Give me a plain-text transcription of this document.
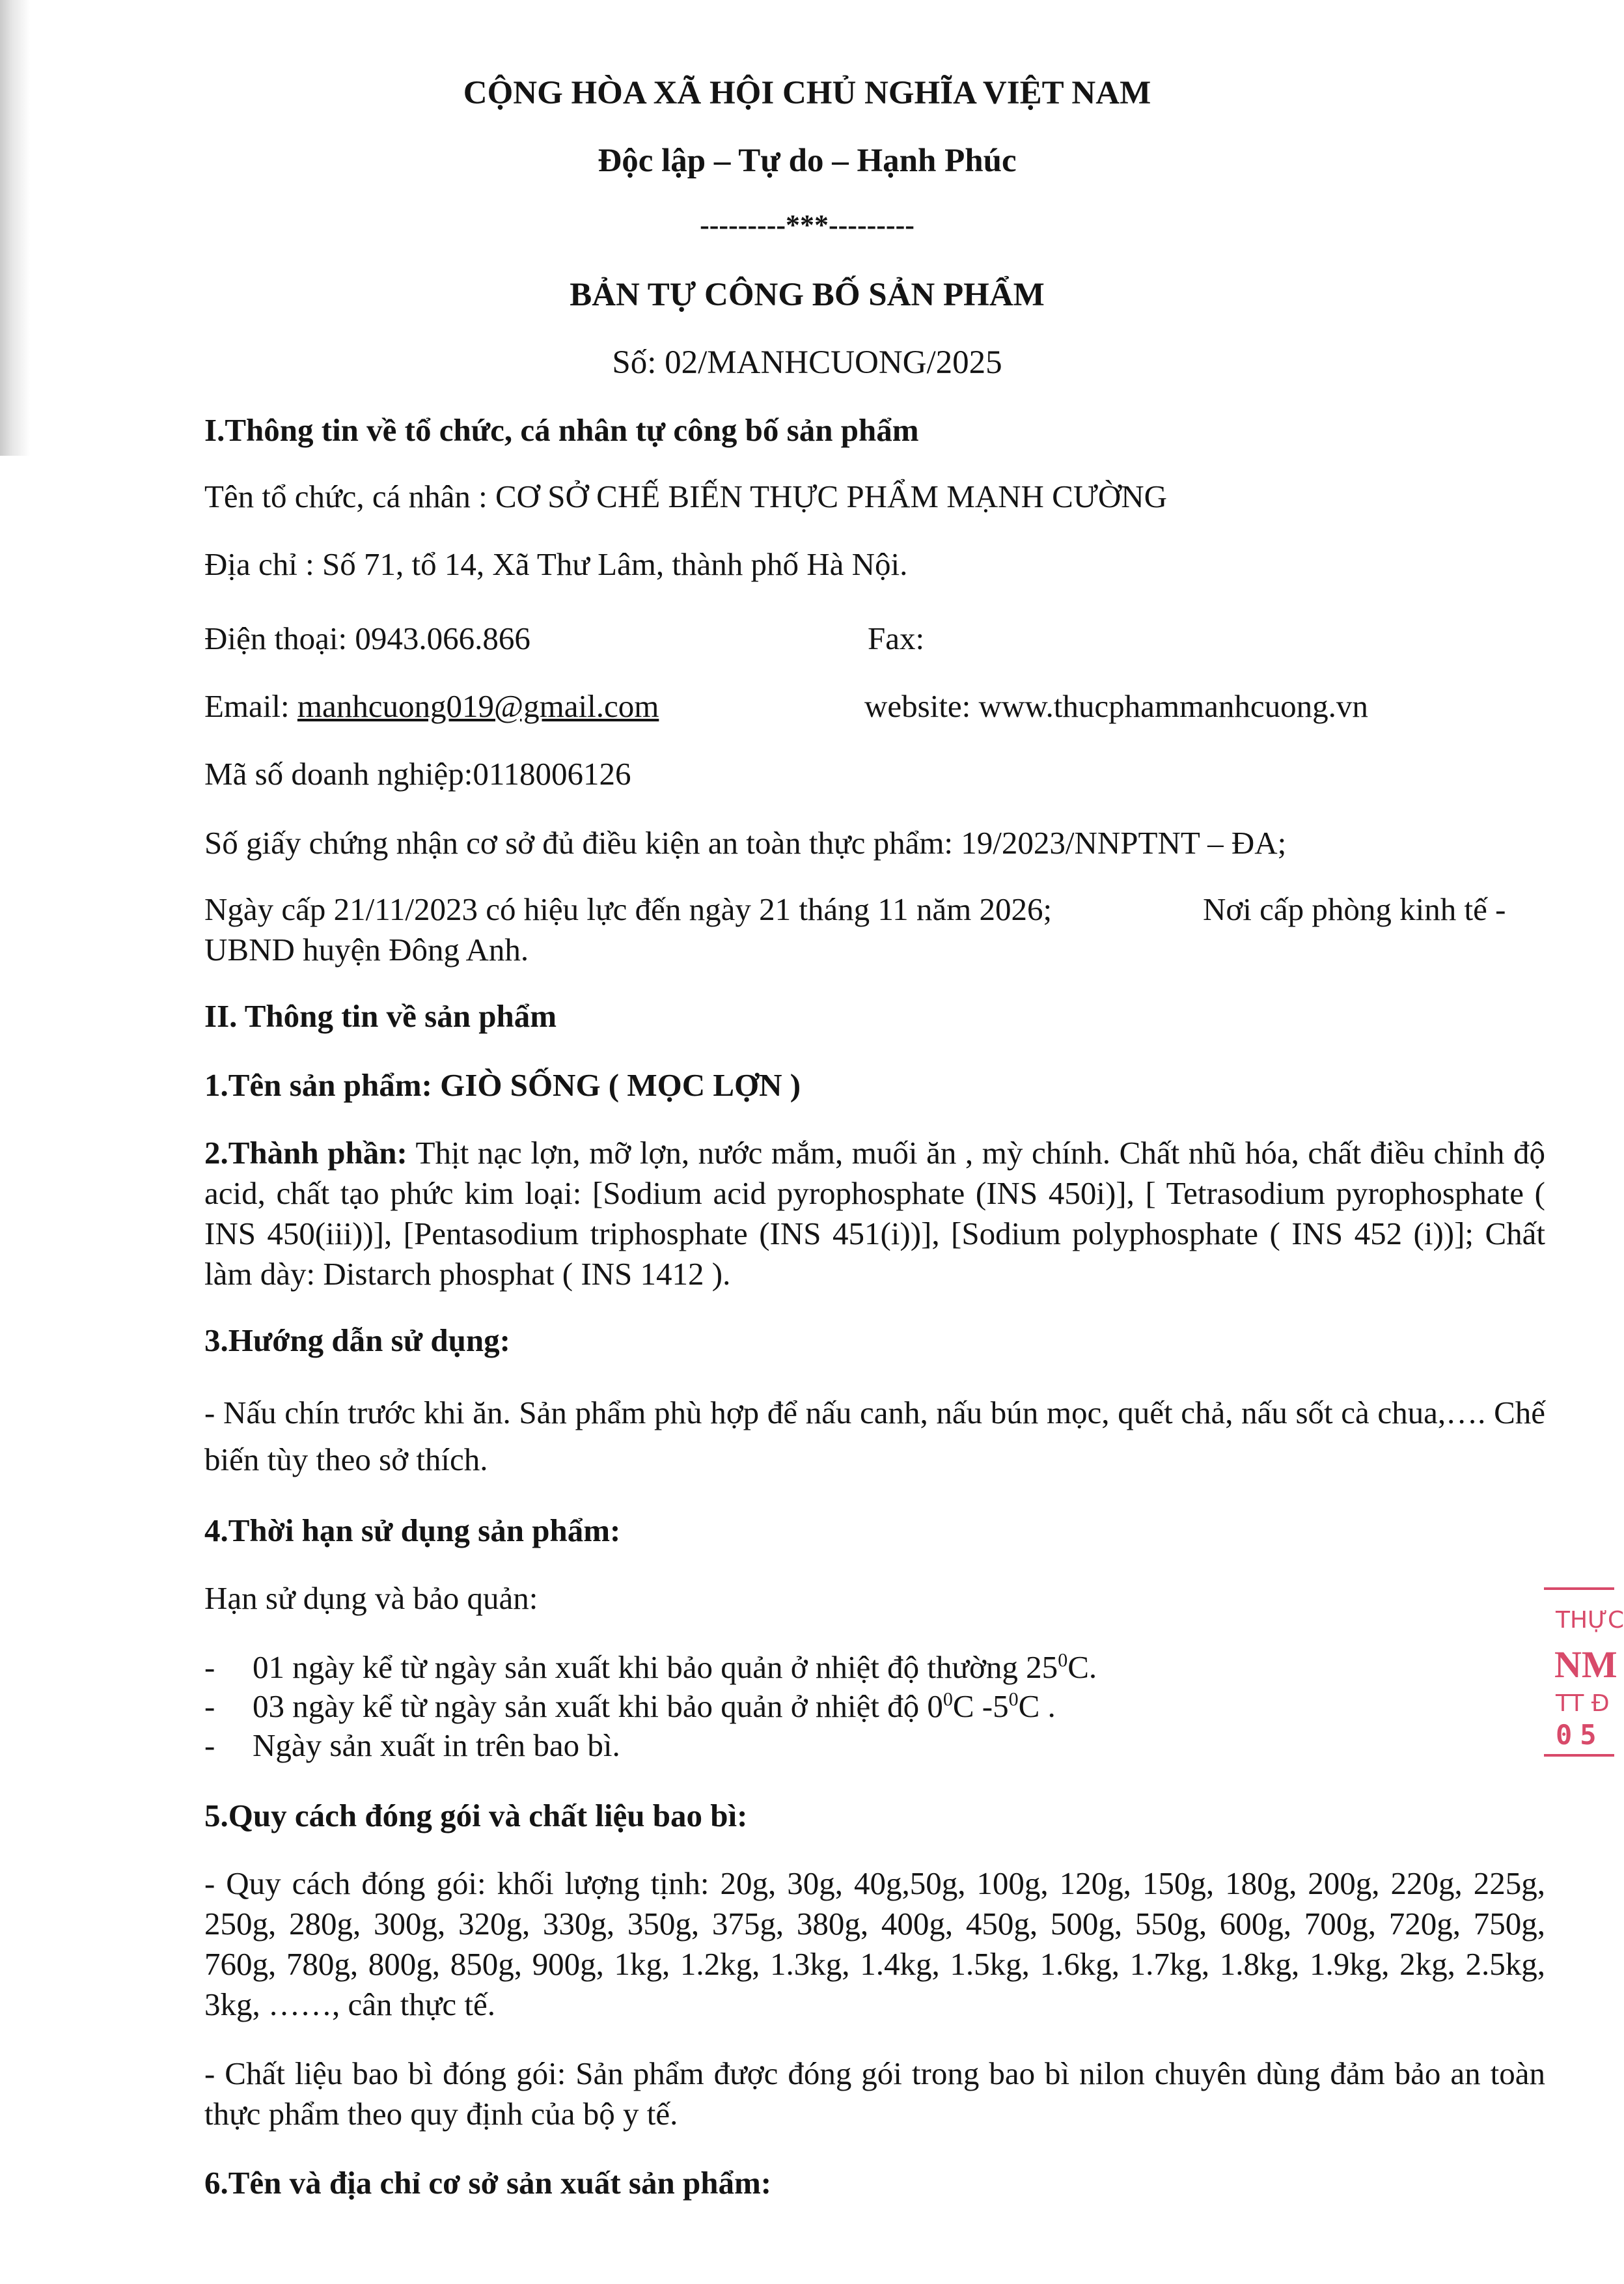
CỘNG HÒA XÃ HỘI CHỦ NGHĨA VIỆT NAM
Độc lập – Tự do – Hạnh Phúc
---------***---------
BẢN TỰ CÔNG BỐ SẢN PHẨM
Số: 02/MANHCUONG/2025
I.Thông tin về tổ chức, cá nhân tự công bố sản phẩm
Tên tổ chức, cá nhân : CƠ SỞ CHẾ BIẾN THỰC PHẨM MẠNH CƯỜNG
Địa chỉ : Số 71, tổ 14, Xã Thư Lâm, thành phố Hà Nội.
Điện thoại: 0943.066.866	Fax:
Email: manhcuong019@gmail.com	website: www.thucphammanhcuong.vn
Mã số doanh nghiệp:0118006126
Số giấy chứng nhận cơ sở đủ điều kiện an toàn thực phẩm: 19/2023/NNPTNT – ĐA;
Ngày cấp 21/11/2023 có hiệu lực đến ngày 21 tháng 11 năm 2026;	Nơi cấp phòng kinh tế -
UBND huyện Đông Anh.
II. Thông tin về sản phẩm
1.Tên sản phẩm: GIÒ SỐNG ( MỌC LỢN )
2.Thành phần: Thịt nạc lợn, mỡ lợn, nước mắm, muối ăn , mỳ chính. Chất nhũ hóa, chất điều chỉnh độ acid, chất tạo phức kim loại: [Sodium acid pyrophosphate (INS 450i)], [ Tetrasodium pyrophosphate ( INS 450(iii))], [Pentasodium triphosphate (INS 451(i))], [Sodium polyphosphate ( INS 452 (i))]; Chất làm dày: Distarch phosphat ( INS 1412 ).
3.Hướng dẫn sử dụng:
- Nấu chín trước khi ăn. Sản phẩm phù hợp để nấu canh, nấu bún mọc, quết chả, nấu sốt cà chua,…. Chế biến tùy theo sở thích.
4.Thời hạn sử dụng sản phẩm:
Hạn sử dụng và bảo quản:
- 01 ngày kể từ ngày sản xuất khi bảo quản ở nhiệt độ thường $25^0C$.
- 03 ngày kể từ ngày sản xuất khi bảo quản ở nhiệt độ $0^0C$ $-5^0C$ .
- Ngày sản xuất in trên bao bì.
5.Quy cách đóng gói và chất liệu bao bì:
- Quy cách đóng gói: khối lượng tịnh: 20g, 30g, 40g,50g, 100g, 120g, 150g, 180g, 200g, 220g, 225g, 250g, 280g, 300g, 320g, 330g, 350g, 375g, 380g, 400g, 450g, 500g, 550g, 600g, 700g, 720g, 750g, 760g, 780g, 800g, 850g, 900g, 1kg, 1.2kg, 1.3kg, 1.4kg, 1.5kg, 1.6kg, 1.7kg, 1.8kg, 1.9kg, 2kg, 2.5kg, 3kg, ……, cân thực tế.
- Chất liệu bao bì đóng gói: Sản phẩm được đóng gói trong bao bì nilon chuyên dùng đảm bảo an toàn thực phẩm theo quy định của bộ y tế.
6.Tên và địa chỉ cơ sở sản xuất sản phẩm:
THỰC
NM
TT Đ
05
